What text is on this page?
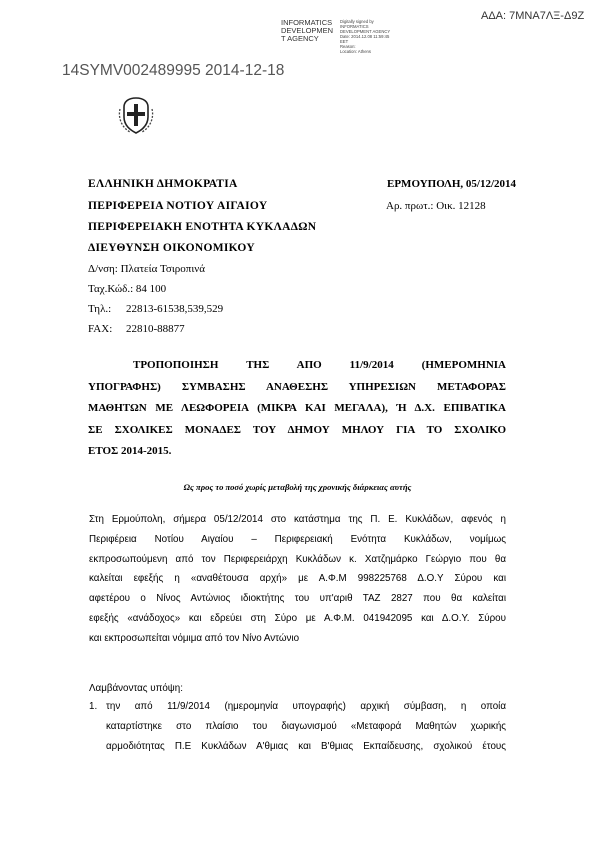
INFORMATICS
DEVELOPMEN
T AGENCY
Digitally signed by
INFORMATICS
DEVELOPMENT AGENCY
Date: 2014.12.08 11:59:45
EET
Reason:
Location: Athens
ΑΔΑ: 7ΜΝΑ7ΛΞ-Δ9Ζ
14SYMV002489995 2014-12-18
ΕΛΛΗΝΙΚΗ ΔΗΜΟΚΡΑΤΙΑ
ΠΕΡΙΦΕΡΕΙΑ ΝΟΤΙΟΥ ΑΙΓΑΙΟΥ
ΠΕΡΙΦΕΡΕΙΑΚΗ ΕΝΟΤΗΤΑ ΚΥΚΛΑΔΩΝ
ΔΙΕΥΘΥΝΣΗ ΟΙΚΟΝΟΜΙΚΟΥ
Δ/νση: Πλατεία Τσιροπινά
Ταχ.Κώδ.: 84 100
Τηλ.: 22813-61538,539,529
FAX: 22810-88877
ΕΡΜΟΥΠΟΛΗ, 05/12/2014
Αρ. πρωτ.: Οικ. 12128
ΤΡΟΠΟΠΟΙΗΣΗ ΤΗΣ ΑΠΟ 11/9/2014 (ΗΜΕΡΟΜΗΝΙΑ
ΥΠΟΓΡΑΦΗΣ) ΣΥΜΒΑΣΗΣ ΑΝΑΘΕΣΗΣ ΥΠΗΡΕΣΙΩΝ ΜΕΤΑΦΟΡΑΣ
ΜΑΘΗΤΩΝ ΜΕ ΛΕΩΦΟΡΕΙΑ (ΜΙΚΡΑ ΚΑΙ ΜΕΓΑΛΑ), Ή Δ.Χ. ΕΠΙΒΑΤΙΚΑ
ΣΕ ΣΧΟΛΙΚΕΣ ΜΟΝΑΔΕΣ ΤΟΥ ΔΗΜΟΥ ΜΗΛΟΥ ΓΙΑ ΤΟ ΣΧΟΛΙΚΟ
ΕΤΟΣ 2014-2015.
Ως προς το ποσό χωρίς μεταβολή της χρονικής διάρκειας αυτής
Στη Ερμούπολη, σήμερα 05/12/2014 στο κατάστημα της Π. Ε. Κυκλάδων, αφενός η
Περιφέρεια Νοτίου Αιγαίου – Περιφερειακή Ενότητα Κυκλάδων, νομίμως
εκπροσωπούμενη από τον Περιφερειάρχη Κυκλάδων κ. Χατζημάρκο Γεώργιο που θα
καλείται εφεξής η «αναθέτουσα αρχή» με Α.Φ.Μ 998225768 Δ.Ο.Υ Σύρου και
αφετέρου ο Νίνος Αντώνιος ιδιοκτήτης του υπ'αριθ ΤΑΖ 2827 που θα καλείται
εφεξής «ανάδοχος» και εδρεύει στη Σύρο με Α.Φ.Μ. 041942095 και Δ.Ο.Υ. Σύρου
και εκπροσωπείται νόμιμα από τον Νίνο Αντώνιο
Λαμβάνοντας υπόψη:
1. την από 11/9/2014 (ημερομηνία υπογραφής) αρχική σύμβαση, η οποία
καταρτίστηκε στο πλαίσιο του διαγωνισμού «Μεταφορά Μαθητών χωρικής
αρμοδιότητας Π.Ε Κυκλάδων Α'θμιας και Β'θμιας Εκπαίδευσης, σχολικού έτους
